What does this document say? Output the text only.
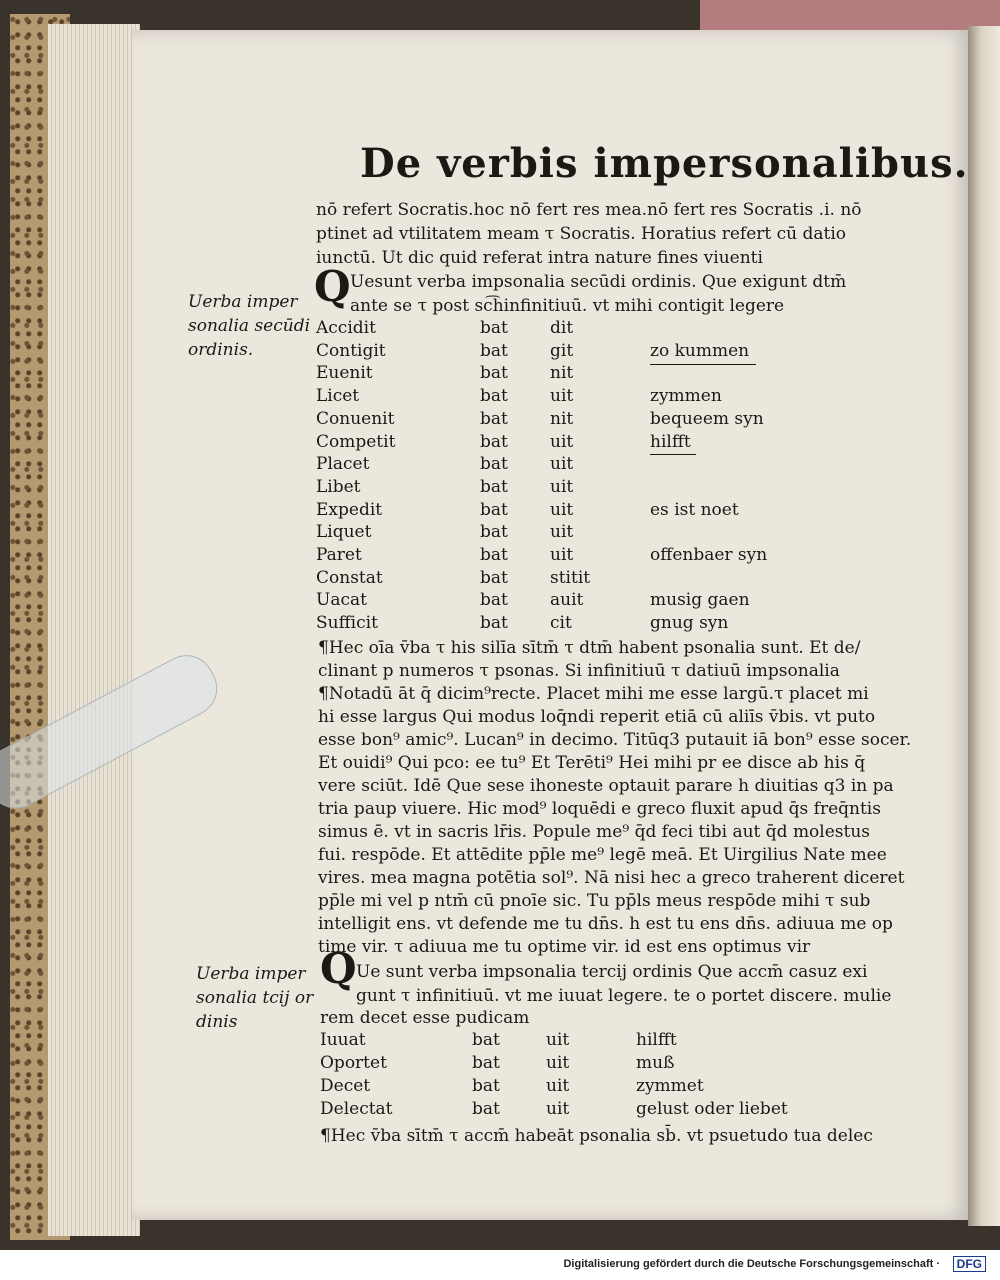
De verbis impersonalibus.
nō refert Socratis.hoc nō fert res mea.nō fert res Socratis .i. nō
ptinet ad vtilitatem meam τ Socratis. Horatius refert cū datio
iunctū. Ut dic quid referat intra nature fines viuenti
Uerba imper
sonalia secūdi
ordinis.
Q Uesunt verba impsonalia secūdi ordinis. Que exigunt dtm̄
ante se τ post sc͡hinfinitiuū. vt mihi contigit legere
Accidit	bat dit
Contigit	bat git	zo kummen
Euenit	bat nit
Licet	bat uit	zymmen
Conuenit	bat nit	bequeem syn
Competit	bat uit	hilfft
Placet	bat uit
Libet	bat uit
Expedit	bat uit	es ist noet
Liquet	bat uit
Paret	bat uit	offenbaer syn
Constat	bat stitit
Uacat	bat auit	musig gaen
Sufficit	bat cit	gnug syn
¶Hec oīa v̄ba τ his silīa sītm̄ τ dtm̄ habent psonalia sunt. Et de/
clinant p numeros τ psonas. Si infinitiuū τ datiuū impsonalia
¶Notadū āt q̄ dicim⁹recte. Placet mihi me esse largū.τ placet mi
hi esse largus Qui modus loq̄ndi reperit etiā cū aliīs v̄bis. vt puto
esse bon⁹ amic⁹. Lucan⁹ in decimo. Titūq3 putauit iā bon⁹ esse socer.
Et ouidi⁹ Qui pco: ee tu⁹ Et Terēti⁹ Hei mihi pr ee disce ab his q̄
vere sciūt. Idē Que sese ihoneste optauit parare h diuitias q3 in pa
tria paup viuere. Hic mod⁹ loquēdi e greco fluxit apud q̄s freq̄ntis
simus ē. vt in sacris lr̄is. Popule me⁹ q̄d feci tibi aut q̄d molestus
fui. respōde. Et attēdite pp̄le me⁹ legē meā. Et Uirgilius Nate mee
vires. mea magna potētia sol⁹. Nā nisi hec a greco traherent diceret
pp̄le mi vel p ntm̄ cū pnoīe sic. Tu pp̄ls meus respōde mihi τ sub
intelligit ens. vt defende me tu dn̄s. h est tu ens dn̄s. adiuua me op
time vir. τ adiuua me tu optime vir. id est ens optimus vir
Uerba imper
sonalia tcij or
dinis
Q Ue sunt verba impsonalia tercij ordinis Que accm̄ casuz exi
gunt τ infinitiuū. vt me iuuat legere. te o portet discere. mulie
rem decet esse pudicam
Iuuat	bat	uit	hilfft
Oportet	bat	uit	muß
Decet	bat	uit	zymmet
Delectat	bat	uit	gelust oder liebet
¶Hec v̄ba sītm̄ τ accm̄ habeāt psonalia sb̄. vt psuetudo tua delec
Digitalisierung gefördert durch die Deutsche Forschungsgemeinschaft ·	DFG
